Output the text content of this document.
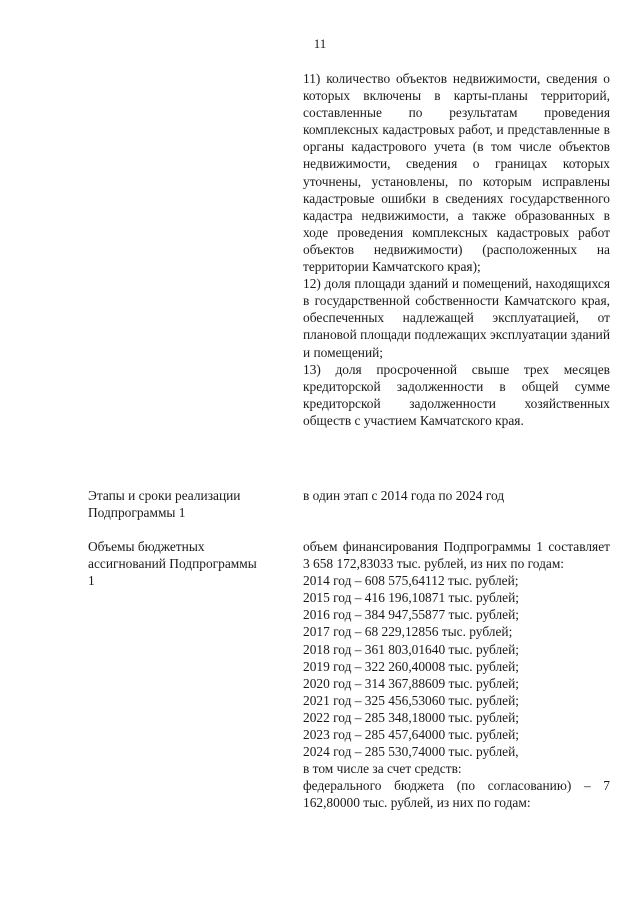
11

11) количество объектов недвижимости, сведения о которых включены в карты-планы территорий, составленные по результатам проведения комплексных кадастровых работ, и представленные в органы кадастрового учета (в том числе объектов недвижимости, сведения о границах которых уточнены, установлены, по которым исправлены кадастровые ошибки в сведениях государственного кадастра недвижимости, а также образованных в ходе проведения комплексных кадастровых работ объектов недвижимости) (расположенных на территории Камчатского края);

12) доля площади зданий и помещений, находящихся в государственной собственности Камчатского края, обеспеченных надлежащей эксплуатацией, от плановой площади подлежащих эксплуатации зданий и помещений;

13) доля просроченной свыше трех месяцев кредиторской задолженности в общей сумме кредиторской задолженности хозяйственных обществ с участием Камчатского края.

Этапы и сроки реализации Подпрограммы 1
в один этап с 2014 года по 2024 год
Объемы бюджетных ассигнований Подпрограммы 1

объем финансирования Подпрограммы 1 составляет 3 658 172,83033 тыс. рублей, из них по годам:

2014 год – 608 575,64112 тыс. рублей;
2015 год – 416 196,10871 тыс. рублей;
2016 год – 384 947,55877 тыс. рублей;
2017 год – 68 229,12856 тыс. рублей;
2018 год – 361 803,01640 тыс. рублей;
2019 год – 322 260,40008 тыс. рублей;
2020 год – 314 367,88609 тыс. рублей;
2021 год – 325 456,53060 тыс. рублей;
2022 год – 285 348,18000 тыс. рублей;
2023 год – 285 457,64000 тыс. рублей;
2024 год – 285 530,74000 тыс. рублей,
в том числе за счет средств:

федерального бюджета (по согласованию) – 7 162,80000 тыс. рублей, из них по годам:
